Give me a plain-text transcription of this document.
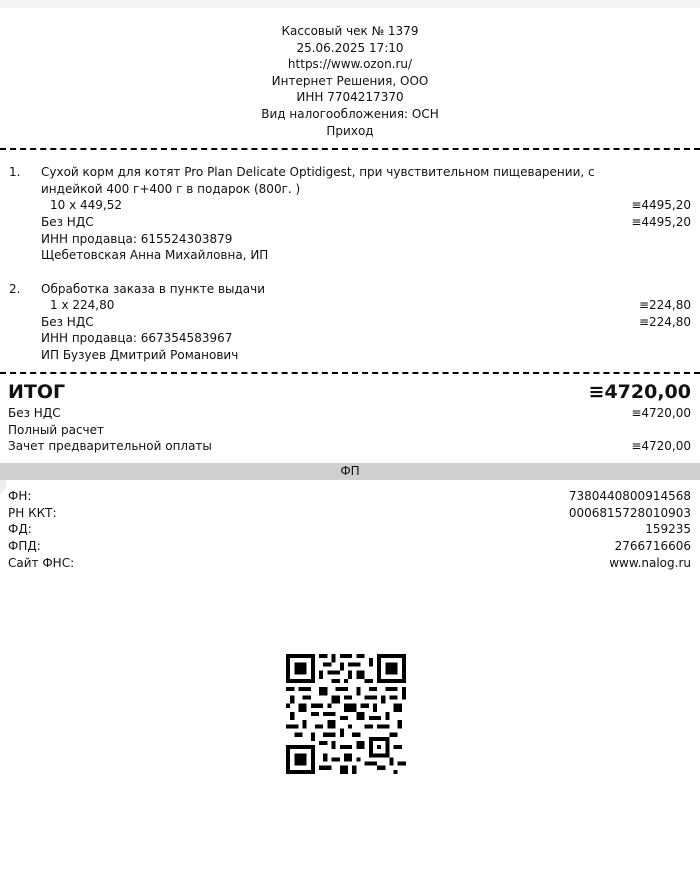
Кассовый чек № 1379
25.06.2025 17:10
https://www.ozon.ru/
Интернет Решения, ООО
ИНН 7704217370
Вид налогообложения: ОСН
Приход
1. Сухой корм для котят Pro Plan Delicate Optidigest, при чувствительном пищеварении, с индейкой 400 г+400 г в подарок (800г. )
10 x 449,52	≡4495,20
Без НДС	≡4495,20
ИНН продавца: 615524303879
Щебетовская Анна Михайловна, ИП
2. Обработка заказа в пункте выдачи
1 x 224,80	≡224,80
Без НДС	≡224,80
ИНН продавца: 667354583967
ИП Бузуев Дмитрий Романович
ИТОГ	≡4720,00
Без НДС	≡4720,00
Полный расчет
Зачет предварительной оплаты	≡4720,00
ФП
ФН:	7380440800914568
РН ККТ:	0006815728010903
ФД:	159235
ФПД:	2766716606
Сайт ФНС:	www.nalog.ru
